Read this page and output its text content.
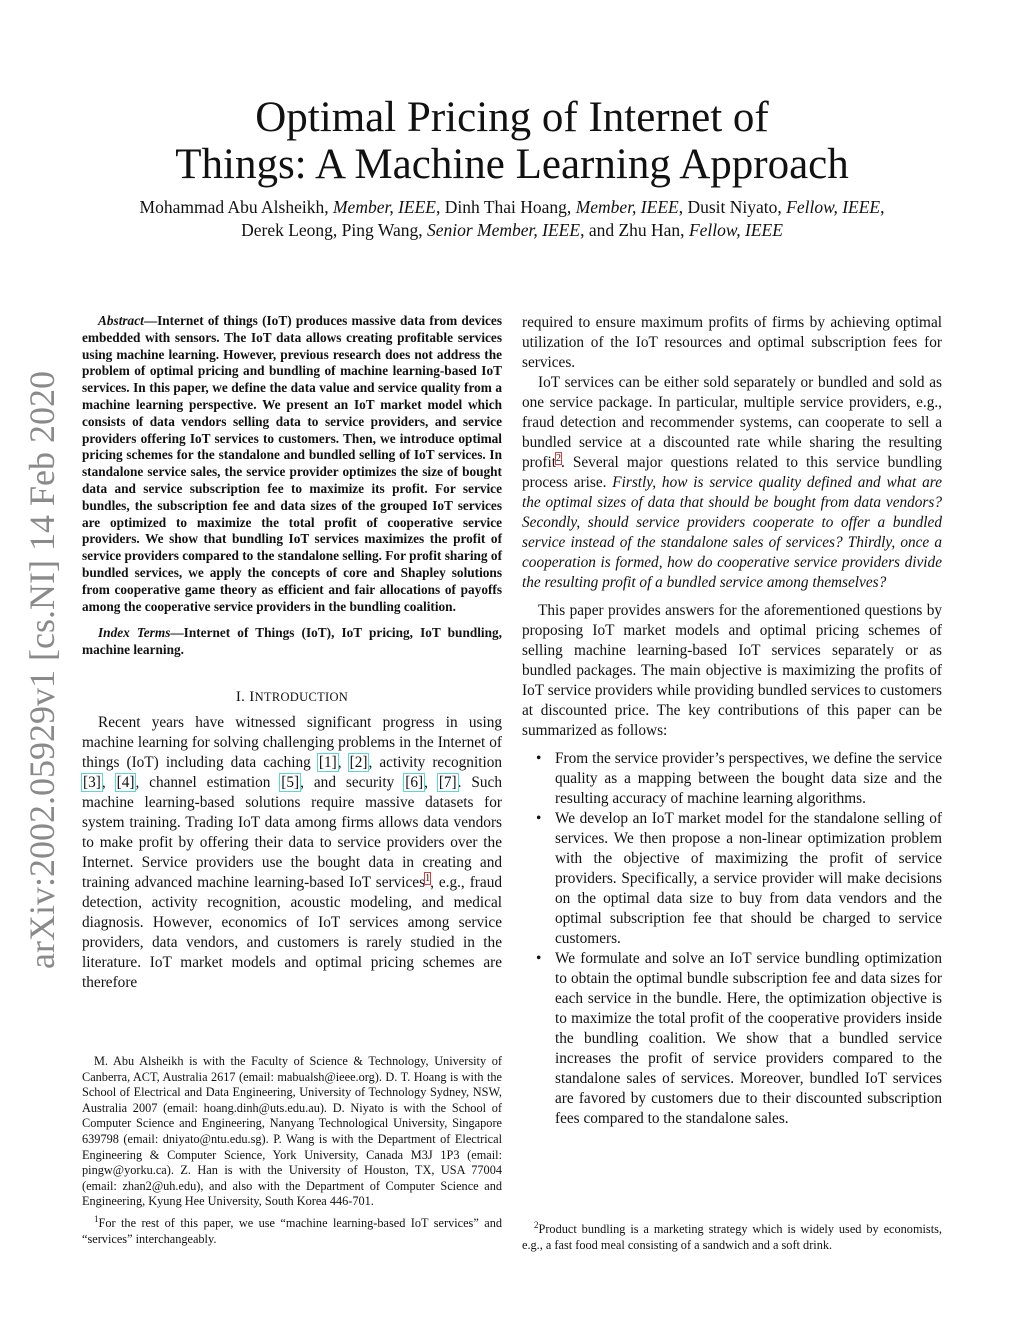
arXiv:2002.05929v1 [cs.NI] 14 Feb 2020
Optimal Pricing of Internet of
Things: A Machine Learning Approach
Mohammad Abu Alsheikh, Member, IEEE, Dinh Thai Hoang, Member, IEEE, Dusit Niyato, Fellow, IEEE,
Derek Leong, Ping Wang, Senior Member, IEEE, and Zhu Han, Fellow, IEEE

Abstract—Internet of things (IoT) produces massive data from devices embedded with sensors. The IoT data allows creating profitable services using machine learning. However, previous research does not address the problem of optimal pricing and bundling of machine learning-based IoT services. In this paper, we define the data value and service quality from a machine learning perspective. We present an IoT market model which consists of data vendors selling data to service providers, and service providers offering IoT services to customers. Then, we introduce optimal pricing schemes for the standalone and bundled selling of IoT services. In standalone service sales, the service provider optimizes the size of bought data and service subscription fee to maximize its profit. For service bundles, the subscription fee and data sizes of the grouped IoT services are optimized to maximize the total profit of cooperative service providers. We show that bundling IoT services maximizes the profit of service providers compared to the standalone selling. For profit sharing of bundled services, we apply the concepts of core and Shapley solutions from cooperative game theory as efficient and fair allocations of payoffs among the cooperative service providers in the bundling coalition.

Index Terms—Internet of Things (IoT), IoT pricing, IoT bundling, machine learning.

I. INTRODUCTION

Recent years have witnessed significant progress in using machine learning for solving challenging problems in the Internet of things (IoT) including data caching [1], [2], activity recognition [3], [4], channel estimation [5], and security [6], [7]. Such machine learning-based solutions require massive datasets for system training. Trading IoT data among firms allows data vendors to make profit by offering their data to service providers over the Internet. Service providers use the bought data in creating and training advanced machine learning-based IoT services$^1$, e.g., fraud detection, activity recognition, acoustic modeling, and medical diagnosis. However, economics of IoT services among service providers, data vendors, and customers is rarely studied in the literature. IoT market models and optimal pricing schemes are therefore

required to ensure maximum profits of firms by achieving optimal utilization of the IoT resources and optimal subscription fees for services.

IoT services can be either sold separately or bundled and sold as one service package. In particular, multiple service providers, e.g., fraud detection and recommender systems, can cooperate to sell a bundled service at a discounted rate while sharing the resulting profit$^2$. Several major questions related to this service bundling process arise. Firstly, how is service quality defined and what are the optimal sizes of data that should be bought from data vendors? Secondly, should service providers cooperate to offer a bundled service instead of the standalone sales of services? Thirdly, once a cooperation is formed, how do cooperative service providers divide the resulting profit of a bundled service among themselves?

This paper provides answers for the aforementioned questions by proposing IoT market models and optimal pricing schemes of selling machine learning-based IoT services separately or as bundled packages. The main objective is maximizing the profits of IoT service providers while providing bundled services to customers at discounted price. The key contributions of this paper can be summarized as follows:

• From the service provider’s perspectives, we define the service quality as a mapping between the bought data size and the resulting accuracy of machine learning algorithms.
• We develop an IoT market model for the standalone selling of services. We then propose a non-linear optimization problem with the objective of maximizing the profit of service providers. Specifically, a service provider will make decisions on the optimal data size to buy from data vendors and the optimal subscription fee that should be charged to service customers.
• We formulate and solve an IoT service bundling optimization to obtain the optimal bundle subscription fee and data sizes for each service in the bundle. Here, the optimization objective is to maximize the total profit of the cooperative providers inside the bundling coalition. We show that a bundled service increases the profit of service providers compared to the standalone sales of services. Moreover, bundled IoT services are favored by customers due to their discounted subscription fees compared to the standalone sales.

M. Abu Alsheikh is with the Faculty of Science & Technology, University of Canberra, ACT, Australia 2617 (email: mabualsh@ieee.org). D. T. Hoang is with the School of Electrical and Data Engineering, University of Technology Sydney, NSW, Australia 2007 (email: hoang.dinh@uts.edu.au). D. Niyato is with the School of Computer Science and Engineering, Nanyang Technological University, Singapore 639798 (email: dniyato@ntu.edu.sg). P. Wang is with the Department of Electrical Engineering & Computer Science, York University, Canada M3J 1P3 (email: pingw@yorku.ca). Z. Han is with the University of Houston, TX, USA 77004 (email: zhan2@uh.edu), and also with the Department of Computer Science and Engineering, Kyung Hee University, South Korea 446-701.

$^1$For the rest of this paper, we use “machine learning-based IoT services” and “services” interchangeably.

$^2$Product bundling is a marketing strategy which is widely used by economists, e.g., a fast food meal consisting of a sandwich and a soft drink.
